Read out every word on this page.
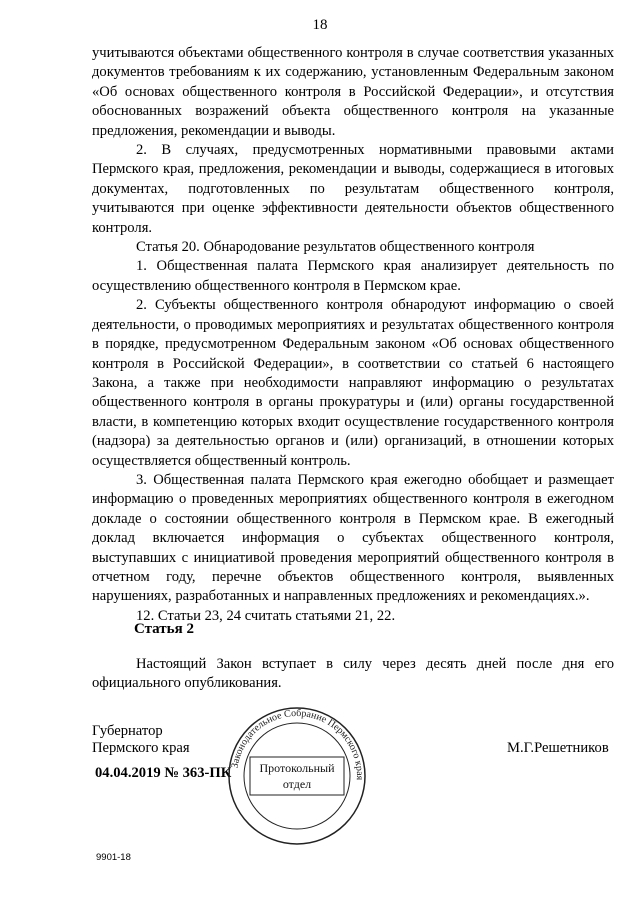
18

учитываются объектами общественного контроля в случае соответствия указанных документов требованиям к их содержанию, установленным Федеральным законом «Об основах общественного контроля в Российской Федерации», и отсутствия обоснованных возражений объекта общественного контроля на указанные предложения, рекомендации и выводы.

2. В случаях, предусмотренных нормативными правовыми актами Пермского края, предложения, рекомендации и выводы, содержащиеся в итоговых документах, подготовленных по результатам общественного контроля, учитываются при оценке эффективности деятельности объектов общественного контроля.

Статья 20. Обнародование результатов общественного контроля

1. Общественная палата Пермского края анализирует деятельность по осуществлению общественного контроля в Пермском крае.

2. Субъекты общественного контроля обнародуют информацию о своей деятельности, о проводимых мероприятиях и результатах общественного контроля в порядке, предусмотренном Федеральным законом «Об основах общественного контроля в Российской Федерации», в соответствии со статьей 6 настоящего Закона, а также при необходимости направляют информацию о результатах общественного контроля в органы прокуратуры и (или) органы государственной власти, в компетенцию которых входит осуществление государственного контроля (надзора) за деятельностью органов и (или) организаций, в отношении которых осуществляется общественный контроль.

3. Общественная палата Пермского края ежегодно обобщает и размещает информацию о проведенных мероприятиях общественного контроля в ежегодном докладе о состоянии общественного контроля в Пермском крае. В ежегодный доклад включается информация о субъектах общественного контроля, выступавших с инициативой проведения мероприятий общественного контроля в отчетном году, перечне объектов общественного контроля, выявленных нарушениях, разработанных и направленных предложениях и рекомендациях.».

12. Статьи 23, 24 считать статьями 21, 22.

Статья 2

Настоящий Закон вступает в силу через десять дней после дня его официального опубликования.

Губернатор
Пермского края	М.Г.Решетников
04.04.2019 № 363-ПК
Законодательное Собрание Пермского края
Протокольный
отдел
9901-18
